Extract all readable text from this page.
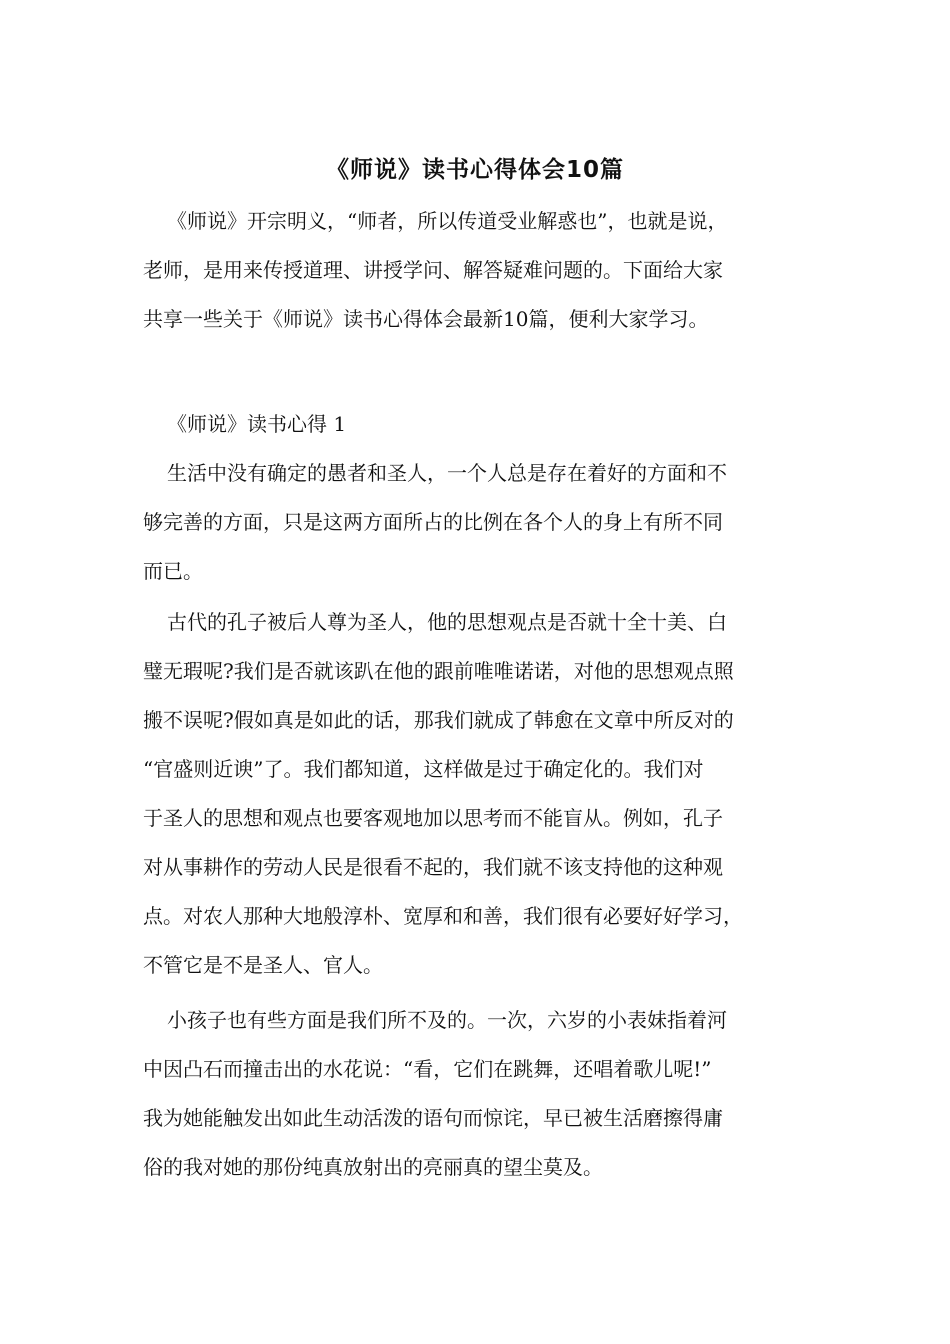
《师说》读书心得体会10篇
《师说》开宗明义，“师者，所以传道受业解惑也”，也就是说，
老师，是用来传授道理、讲授学问、解答疑难问题的。下面给大家
共享一些关于《师说》读书心得体会最新10篇，便利大家学习。
《师说》读书心得 1
生活中没有确定的愚者和圣人，一个人总是存在着好的方面和不
够完善的方面，只是这两方面所占的比例在各个人的身上有所不同
而已。
古代的孔子被后人尊为圣人，他的思想观点是否就十全十美、白
璧无瑕呢?我们是否就该趴在他的跟前唯唯诺诺，对他的思想观点照
搬不误呢?假如真是如此的话，那我们就成了韩愈在文章中所反对的
“官盛则近谀”了。我们都知道，这样做是过于确定化的。我们对
于圣人的思想和观点也要客观地加以思考而不能盲从。例如，孔子
对从事耕作的劳动人民是很看不起的，我们就不该支持他的这种观
点。对农人那种大地般淳朴、宽厚和和善，我们很有必要好好学习，
不管它是不是圣人、官人。
小孩子也有些方面是我们所不及的。一次，六岁的小表妹指着河
中因凸石而撞击出的水花说：“看，它们在跳舞，还唱着歌儿呢!”
我为她能触发出如此生动活泼的语句而惊诧，早已被生活磨擦得庸
俗的我对她的那份纯真放射出的亮丽真的望尘莫及。
